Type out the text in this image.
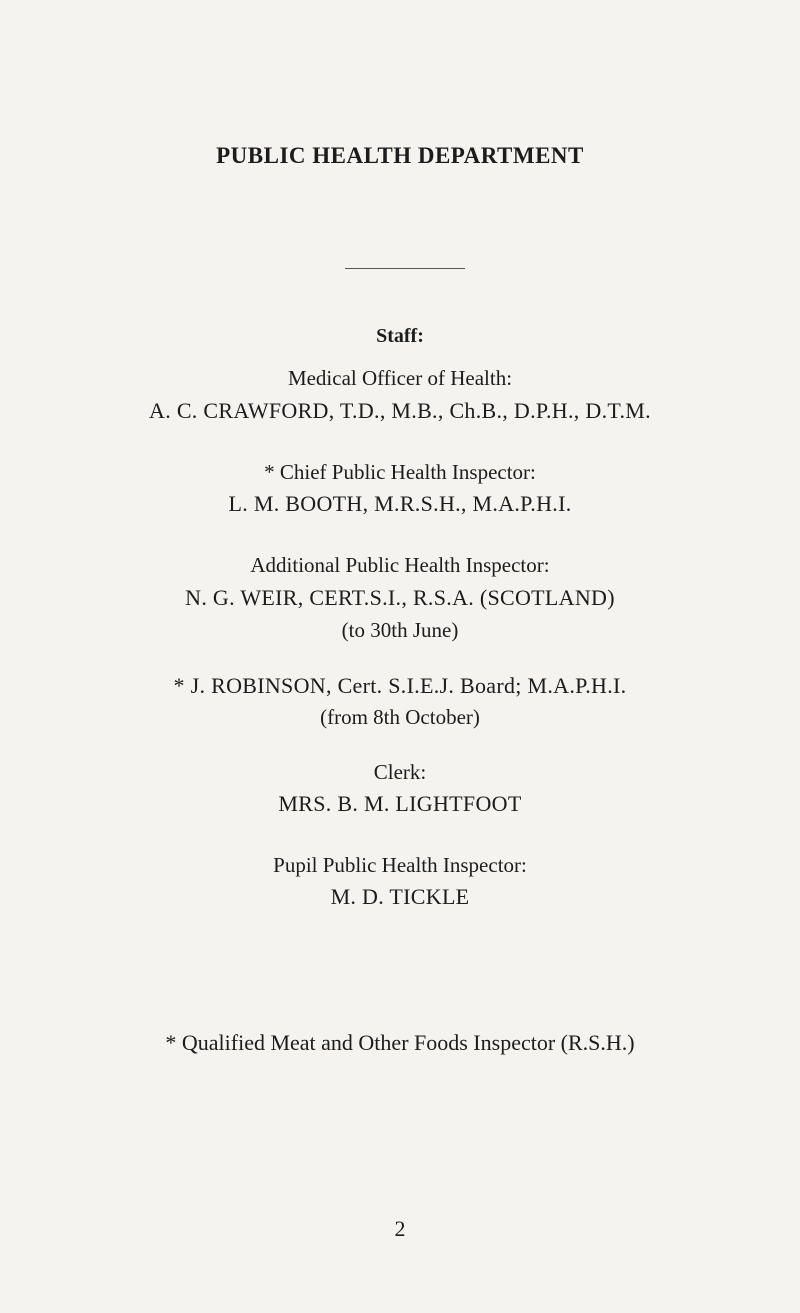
PUBLIC HEALTH DEPARTMENT
Staff:
Medical Officer of Health:
A. C. CRAWFORD, T.D., M.B., Ch.B., D.P.H., D.T.M.
* Chief Public Health Inspector:
L. M. BOOTH, M.R.S.H., M.A.P.H.I.
Additional Public Health Inspector:
N. G. WEIR, CERT.S.I., R.S.A. (SCOTLAND)
(to 30th June)
* J. ROBINSON, Cert. S.I.E.J. Board; M.A.P.H.I.
(from 8th October)
Clerk:
MRS. B. M. LIGHTFOOT
Pupil Public Health Inspector:
M. D. TICKLE
* Qualified Meat and Other Foods Inspector (R.S.H.)
2
